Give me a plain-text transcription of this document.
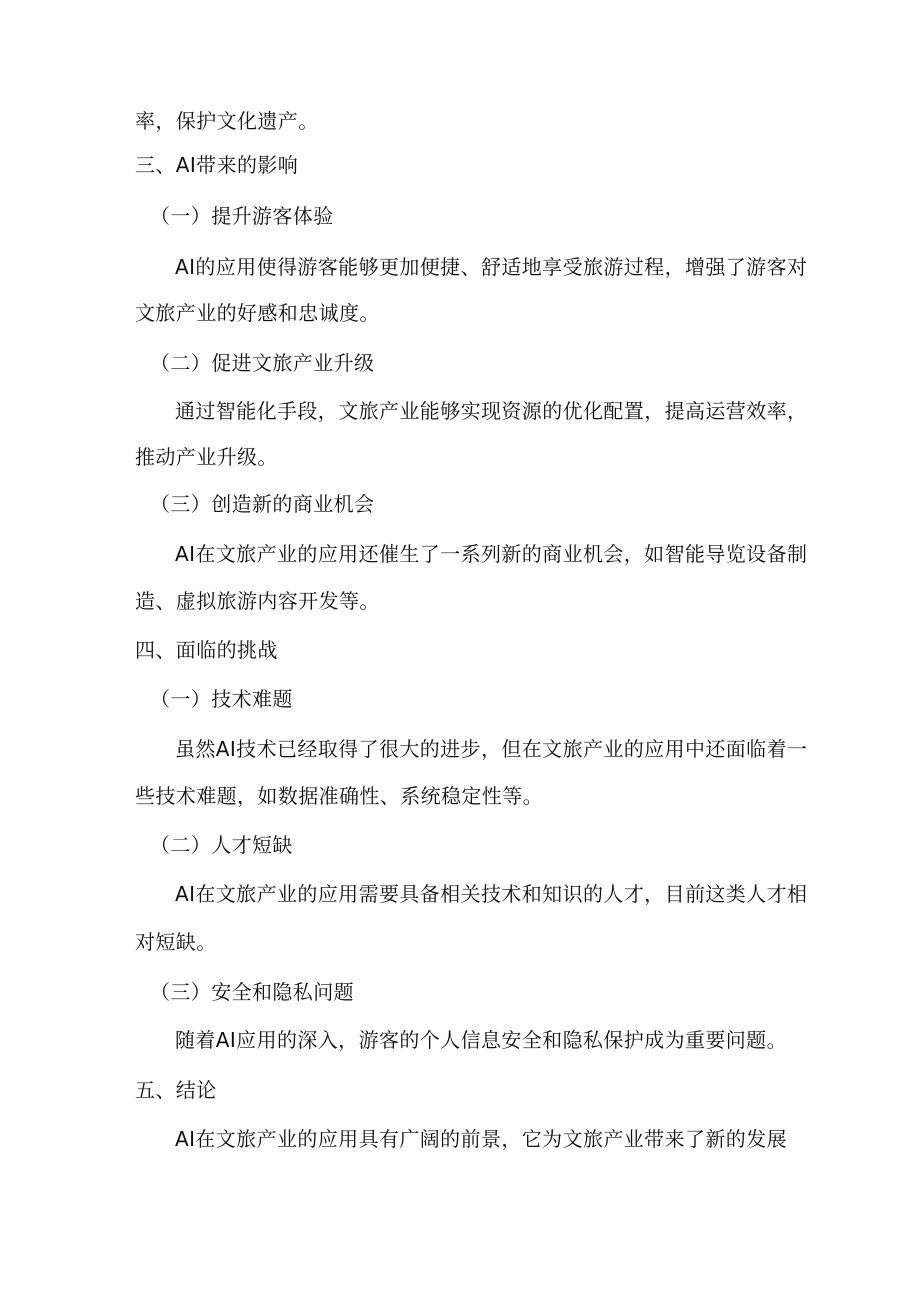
率，保护文化遗产。
三、AI带来的影响
（一）提升游客体验
AI的应用使得游客能够更加便捷、舒适地享受旅游过程，增强了游客对
文旅产业的好感和忠诚度。
（二）促进文旅产业升级
通过智能化手段，文旅产业能够实现资源的优化配置，提高运营效率，
推动产业升级。
（三）创造新的商业机会
AI在文旅产业的应用还催生了一系列新的商业机会，如智能导览设备制
造、虚拟旅游内容开发等。
四、面临的挑战
（一）技术难题
虽然AI技术已经取得了很大的进步，但在文旅产业的应用中还面临着一
些技术难题，如数据准确性、系统稳定性等。
（二）人才短缺
AI在文旅产业的应用需要具备相关技术和知识的人才，目前这类人才相
对短缺。
（三）安全和隐私问题
随着AI应用的深入，游客的个人信息安全和隐私保护成为重要问题。
五、结论
AI在文旅产业的应用具有广阔的前景，它为文旅产业带来了新的发展
